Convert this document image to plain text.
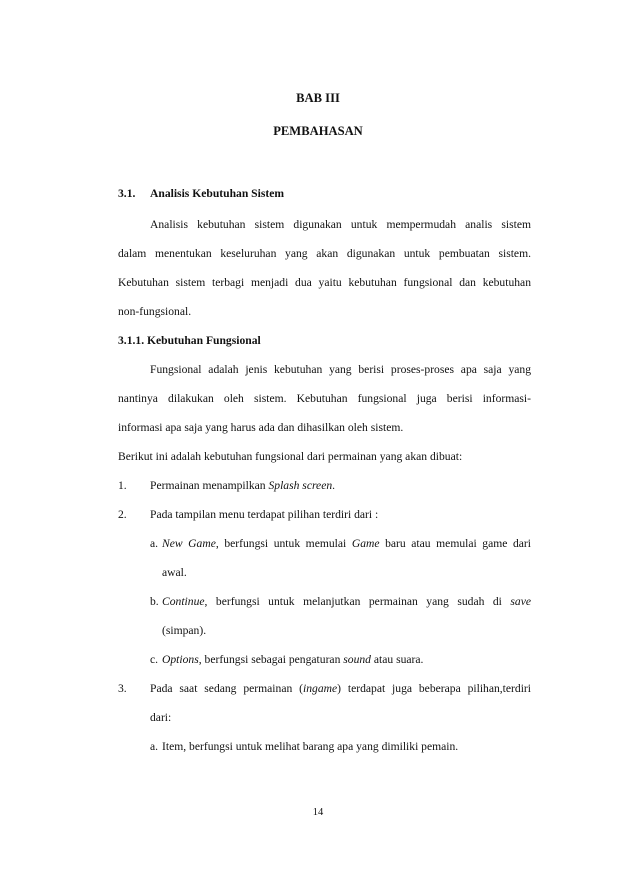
BAB III
PEMBAHASAN
3.1. Analisis Kebutuhan Sistem
Analisis kebutuhan sistem digunakan untuk mempermudah analis sistem
dalam menentukan keseluruhan yang akan digunakan untuk pembuatan sistem.
Kebutuhan sistem terbagi menjadi dua yaitu kebutuhan fungsional dan kebutuhan
non-fungsional.
3.1.1. Kebutuhan Fungsional
Fungsional adalah jenis kebutuhan yang berisi proses-proses apa saja yang
nantinya dilakukan oleh sistem. Kebutuhan fungsional juga berisi informasi-
informasi apa saja yang harus ada dan dihasilkan oleh sistem.
Berikut ini adalah kebutuhan fungsional dari permainan yang akan dibuat:
1. Permainan menampilkan Splash screen.
2. Pada tampilan menu terdapat pilihan terdiri dari :
a. New Game, berfungsi untuk memulai Game baru atau memulai game dari
awal.
b. Continue, berfungsi untuk melanjutkan permainan yang sudah di save
(simpan).
c. Options, berfungsi sebagai pengaturan sound atau suara.
3. Pada saat sedang permainan (ingame) terdapat juga beberapa pilihan,terdiri
dari:
a. Item, berfungsi untuk melihat barang apa yang dimiliki pemain.
14
